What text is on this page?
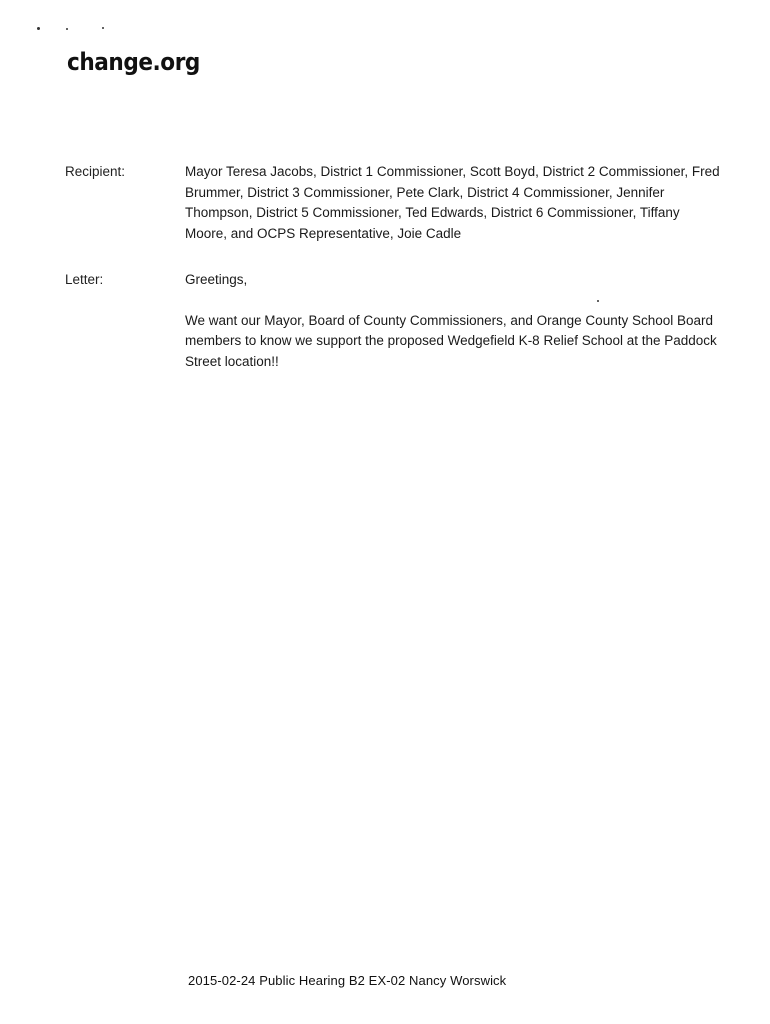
change.org
Recipient:	Mayor Teresa Jacobs, District 1 Commissioner, Scott Boyd, District 2 Commissioner, Fred Brummer, District 3 Commissioner, Pete Clark, District 4 Commissioner, Jennifer Thompson, District 5 Commissioner, Ted Edwards, District 6 Commissioner, Tiffany Moore, and OCPS Representative, Joie Cadle

Letter:	Greetings,

We want our Mayor, Board of County Commissioners, and Orange County School Board members to know we support the proposed Wedgefield K-8 Relief School at the Paddock Street location!!

2015-02-24 Public Hearing B2 EX-02 Nancy Worswick
